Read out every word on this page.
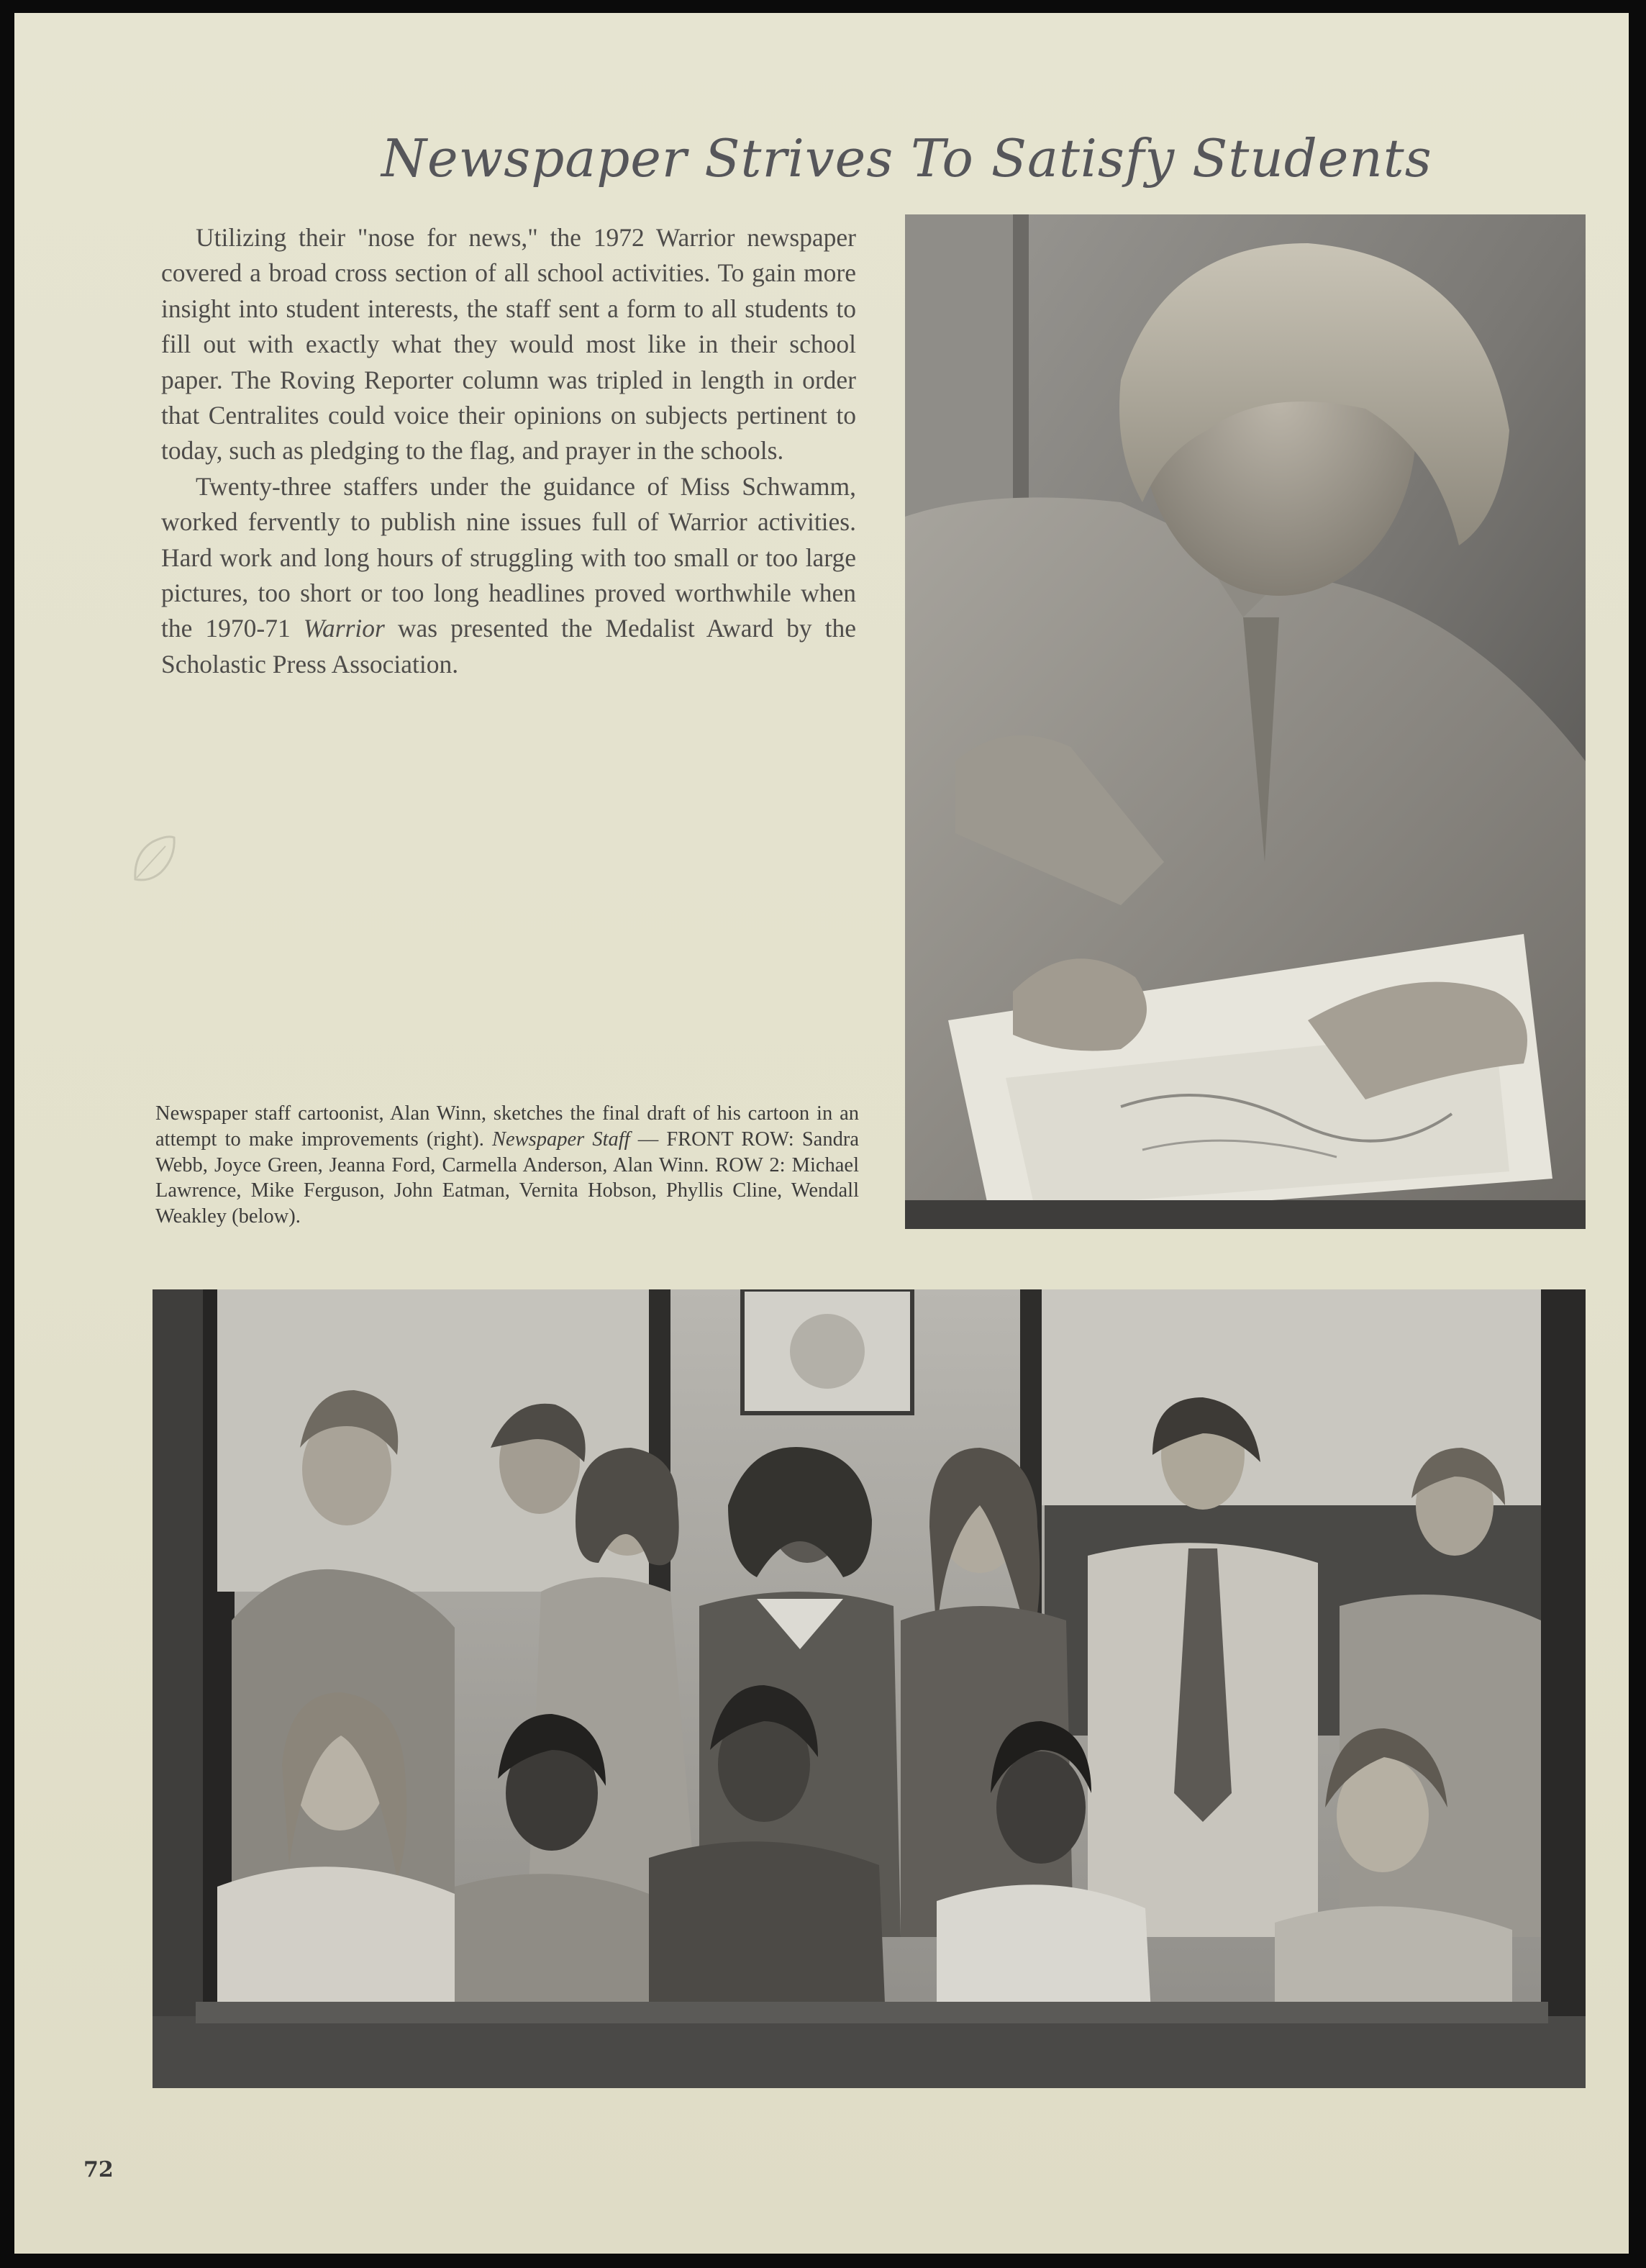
Newspaper Strives To Satisfy Students

Utilizing their "nose for news," the 1972 Warrior newspaper covered a broad cross section of all school activities. To gain more insight into student interests, the staff sent a form to all students to fill out with exactly what they would most like in their school paper. The Roving Reporter column was tripled in length in order that Centralites could voice their opinions on subjects pertinent to today, such as pledging to the flag, and prayer in the schools.

Twenty-three staffers under the guidance of Miss Schwamm, worked fervently to publish nine issues full of Warrior activities. Hard work and long hours of struggling with too small or too large pictures, too short or too long headlines proved worthwhile when the 1970-71 Warrior was presented the Medalist Award by the Scholastic Press Association.

Newspaper staff cartoonist, Alan Winn, sketches the final draft of his cartoon in an attempt to make improvements (right). Newspaper Staff — FRONT ROW: Sandra Webb, Joyce Green, Jeanna Ford, Carmella Anderson, Alan Winn. ROW 2: Michael Lawrence, Mike Ferguson, John Eatman, Vernita Hobson, Phyllis Cline, Wendall Weakley (below).

72
